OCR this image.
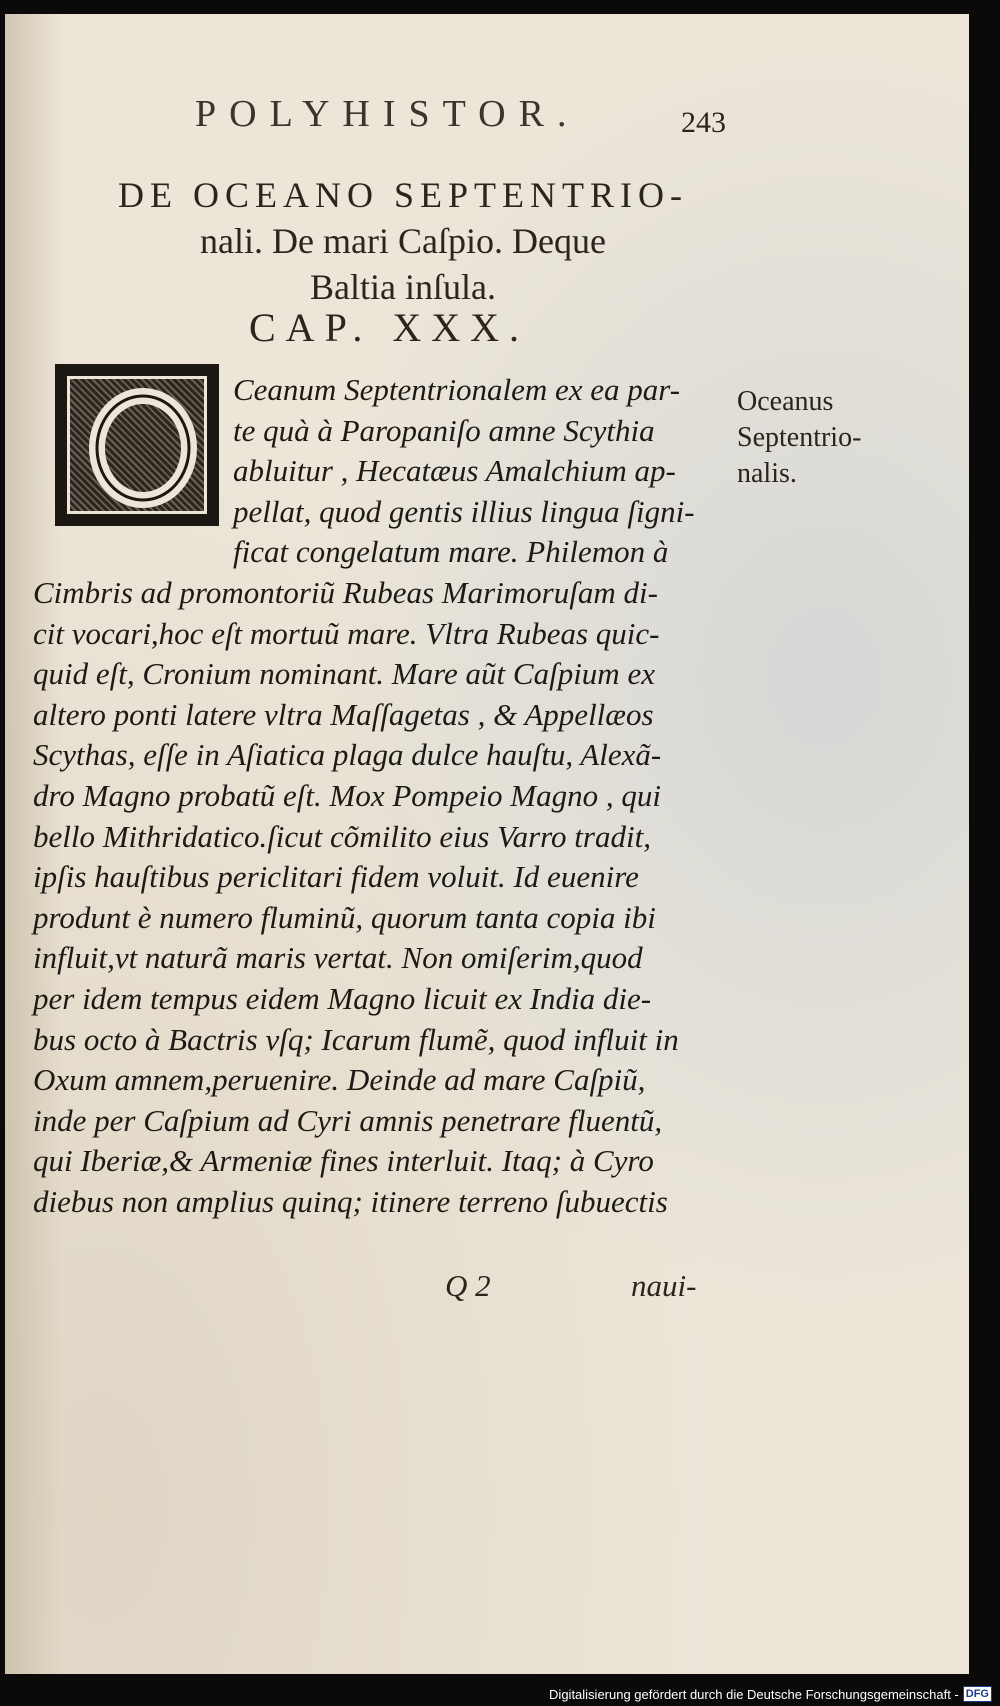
POLYHISTOR.	243
DE OCEANO SEPTENTRIO-
nali. De mari Caſpio. Deque
Baltia inſula.
CAP. XXX.
O
Ceanum Septentrionalem ex ea par-
te quà à Paropaniſo amne Scythia
abluitur , Hecatæus Amalchium ap-
pellat, quod gentis illius lingua ſigni-
ficat congelatum mare. Philemon à
Cimbris ad promontoriũ Rubeas Marimoruſam di-
cit vocari,hoc eſt mortuũ mare. Vltra Rubeas quic-
quid eſt, Cronium nominant. Mare aũt Caſpium ex
altero ponti latere vltra Maſſagetas , & Appellæos
Scythas, eſſe in Aſiatica plaga dulce hauſtu, Alexã-
dro Magno probatũ eſt. Mox Pompeio Magno , qui
bello Mithridatico.ſicut cõmilito eius Varro tradit,
ipſis hauſtibus periclitari fidem voluit. Id euenire
produnt è numero fluminũ, quorum tanta copia ibi
influit,vt naturã maris vertat. Non omiſerim,quod
per idem tempus eidem Magno licuit ex India die-
bus octo à Bactris vſq; Icarum flumẽ, quod influit in
Oxum amnem,peruenire. Deinde ad mare Caſpiũ,
inde per Caſpium ad Cyri amnis penetrare fluentũ,
qui Iberiæ,& Armeniæ fines interluit. Itaq; à Cyro
diebus non amplius quinq; itinere terreno ſubuectis
Oceanus
Septentrio-
nalis.
Q 2	naui-
Digitalisierung gefördert durch die Deutsche Forschungsgemeinschaft - DFG
